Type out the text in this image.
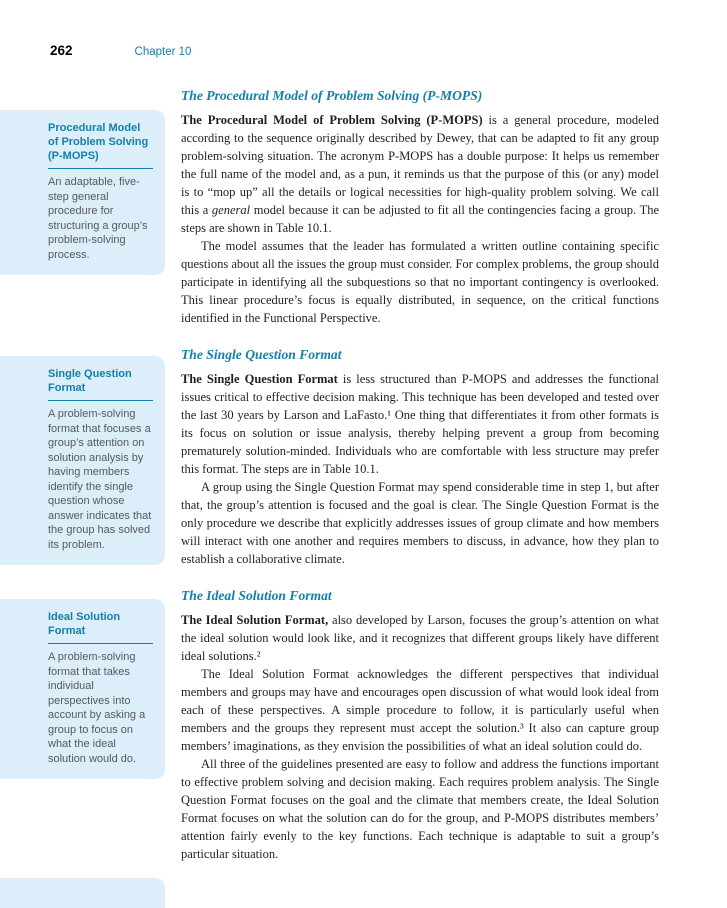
262	Chapter 10
Procedural Model of Problem Solving (P-MOPS)

An adaptable, five-step general procedure for structuring a group’s problem-solving process.

Single Question Format

A problem-solving format that focuses a group’s attention on solution analysis by having members identify the single question whose answer indicates that the group has solved its problem.

Ideal Solution Format

A problem-solving format that takes individual perspectives into account by asking a group to focus on what the ideal solution would do.

The Procedural Model of Problem Solving (P-MOPS)

The Procedural Model of Problem Solving (P-MOPS) is a general procedure, modeled according to the sequence originally described by Dewey, that can be adapted to fit any group problem-solving situation. The acronym P-MOPS has a double purpose: It helps us remember the full name of the model and, as a pun, it reminds us that the purpose of this (or any) model is to “mop up” all the details or logical necessities for high-quality problem solving. We call this a general model because it can be adjusted to fit all the contingencies facing a group. The steps are shown in Table 10.1.

The model assumes that the leader has formulated a written outline containing specific questions about all the issues the group must consider. For complex problems, the group should participate in identifying all the subquestions so that no important contingency is overlooked. This linear procedure’s focus is equally distributed, in sequence, on the critical functions identified in the Functional Perspective.

The Single Question Format

The Single Question Format is less structured than P-MOPS and addresses the functional issues critical to effective decision making. This technique has been developed and tested over the last 30 years by Larson and LaFasto.¹ One thing that differentiates it from other formats is its focus on solution or issue analysis, thereby helping prevent a group from becoming prematurely solution-minded. Individuals who are comfortable with less structure may prefer this format. The steps are in Table 10.1.

A group using the Single Question Format may spend considerable time in step 1, but after that, the group’s attention is focused and the goal is clear. The Single Question Format is the only procedure we describe that explicitly addresses issues of group climate and how members will interact with one another and requires members to discuss, in advance, how they plan to establish a collaborative climate.

The Ideal Solution Format

The Ideal Solution Format, also developed by Larson, focuses the group’s attention on what the ideal solution would look like, and it recognizes that different groups likely have different ideal solutions.²

The Ideal Solution Format acknowledges the different perspectives that individual members and groups may have and encourages open discussion of what would look ideal from each of these perspectives. A simple procedure to follow, it is particularly useful when members and the groups they represent must accept the solution.³ It also can capture group members’ imaginations, as they envision the possibilities of what an ideal solution could do.

All three of the guidelines presented are easy to follow and address the functions important to effective problem solving and decision making. Each requires problem analysis. The Single Question Format focuses on the goal and the climate that members create, the Ideal Solution Format focuses on what the solution can do for the group, and P-MOPS distributes members’ attention fairly evenly to the key functions. Each technique is adaptable to suit a group’s particular situation.
